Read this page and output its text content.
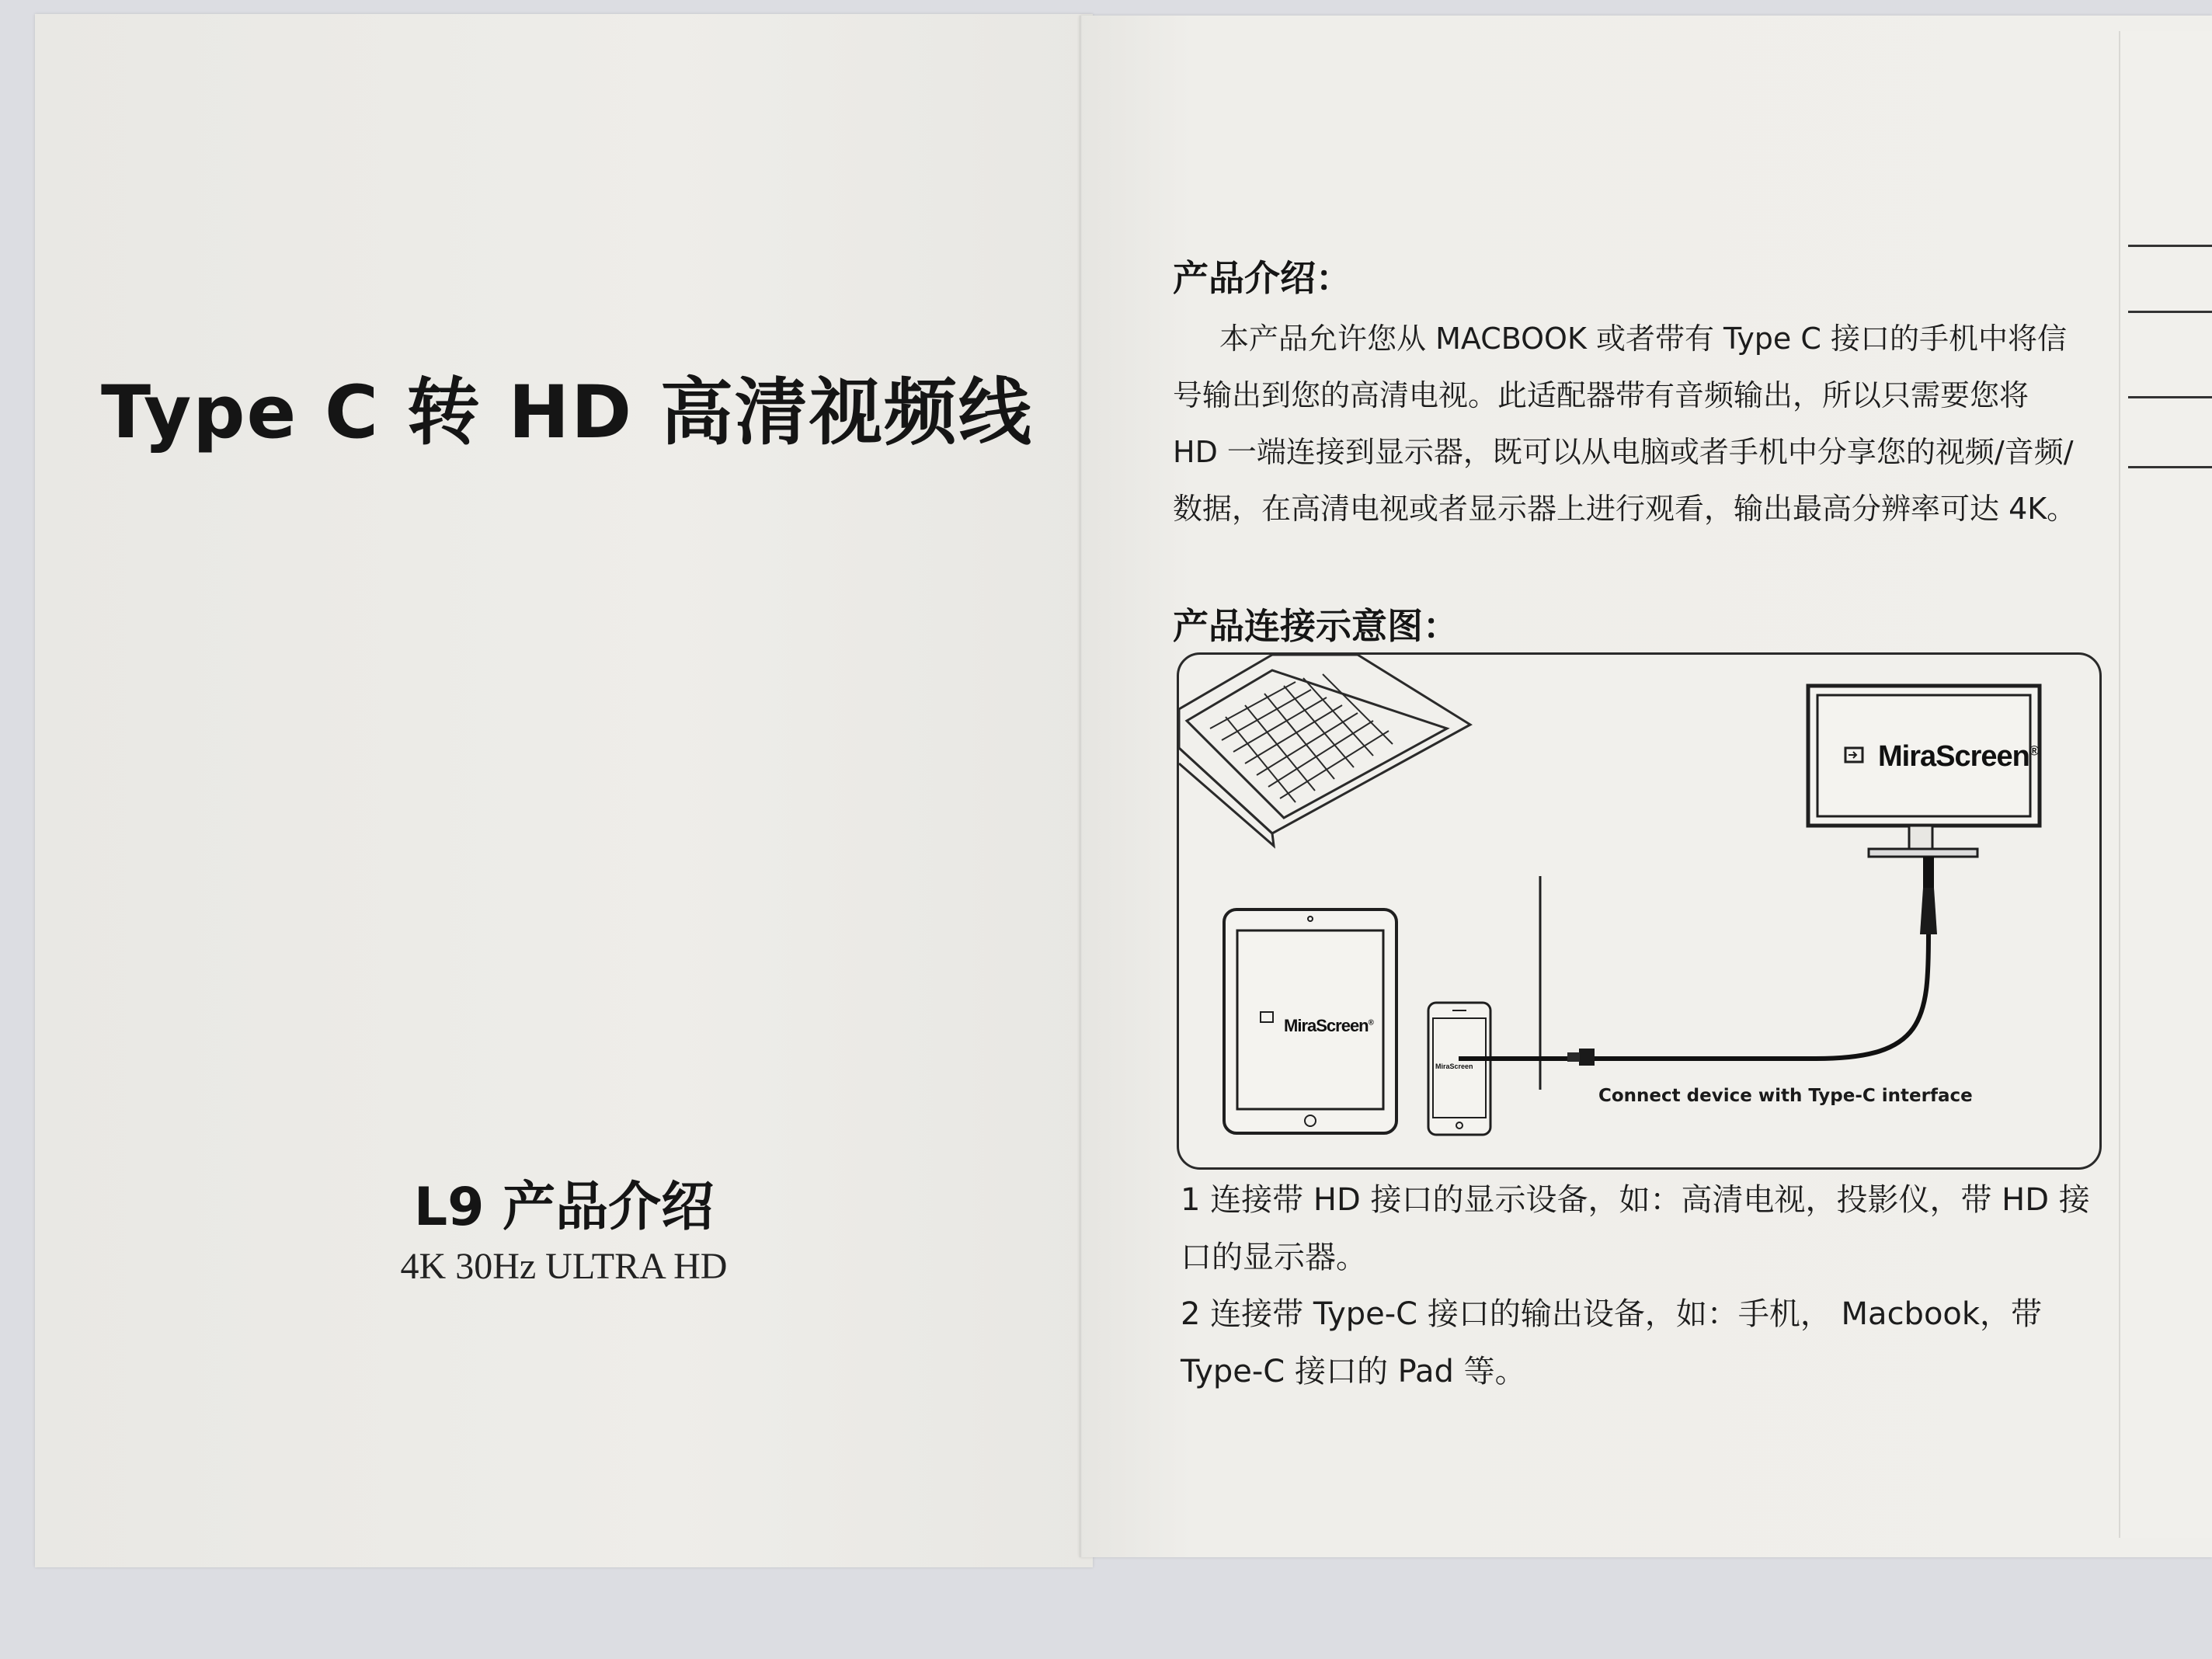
Type C 转 HD 高清视频线
L9 产品介绍
4K 30Hz ULTRA HD
产品介绍：
本产品允许您从 MACBOOK 或者带有 Type C 接口的手机中将信号输出到您的高清电视。此适配器带有音频输出，所以只需要您将 HD 一端连接到显示器，既可以从电脑或者手机中分享您的视频/音频/数据，在高清电视或者显示器上进行观看，输出最高分辨率可达 4K。
产品连接示意图：
MiraScreen®
MiraScreen®
MiraScreen
Connect device with Type-C interface
1 连接带 HD 接口的显示设备，如：高清电视，投影仪，带 HD 接口的显示器。
2 连接带 Type-C 接口的输出设备，如：手机， Macbook，带 Type-C 接口的 Pad 等。
